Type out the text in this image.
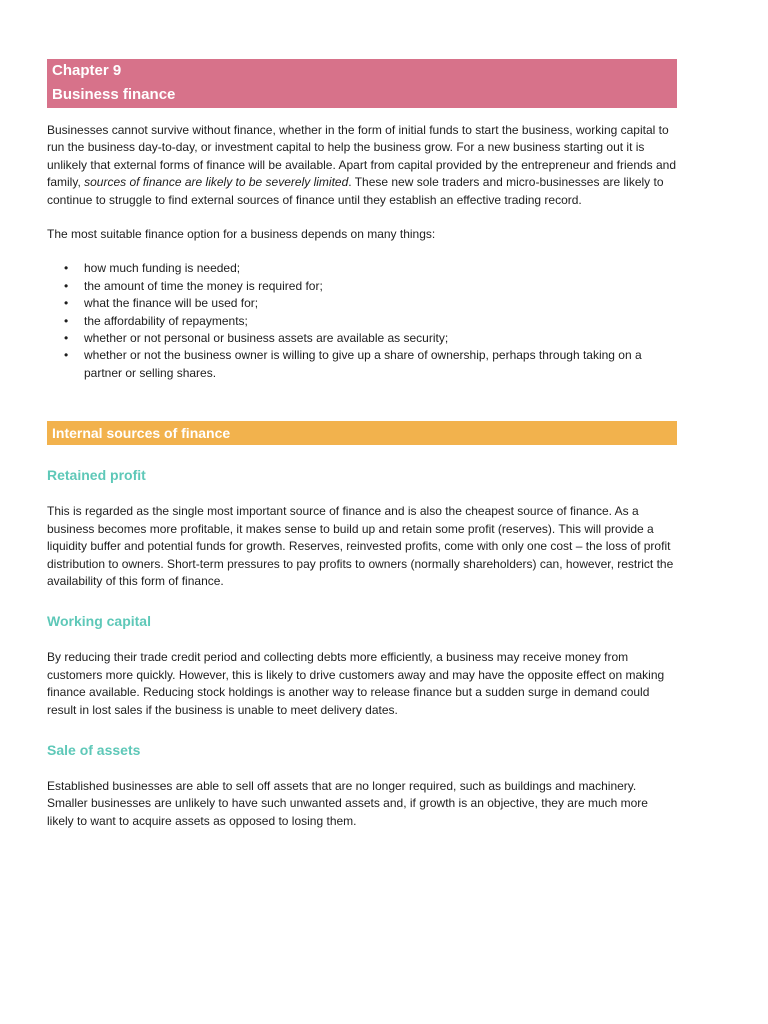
Chapter 9
Business finance

Businesses cannot survive without finance, whether in the form of initial funds to start the business, working capital to run the business day-to-day, or investment capital to help the business grow. For a new business starting out it is unlikely that external forms of finance will be available. Apart from capital provided by the entrepreneur and friends and family, sources of finance are likely to be severely limited. These new sole traders and micro-businesses are likely to continue to struggle to find external sources of finance until they establish an effective trading record.

The most suitable finance option for a business depends on many things:

• how much funding is needed;
• the amount of time the money is required for;
• what the finance will be used for;
• the affordability of repayments;
• whether or not personal or business assets are available as security;
• whether or not the business owner is willing to give up a share of ownership, perhaps through taking on a partner or selling shares.
Internal sources of finance
Retained profit

This is regarded as the single most important source of finance and is also the cheapest source of finance. As a business becomes more profitable, it makes sense to build up and retain some profit (reserves). This will provide a liquidity buffer and potential funds for growth. Reserves, reinvested profits, come with only one cost – the loss of profit distribution to owners. Short-term pressures to pay profits to owners (normally shareholders) can, however, restrict the availability of this form of finance.

Working capital

By reducing their trade credit period and collecting debts more efficiently, a business may receive money from customers more quickly. However, this is likely to drive customers away and may have the opposite effect on making finance available. Reducing stock holdings is another way to release finance but a sudden surge in demand could result in lost sales if the business is unable to meet delivery dates.

Sale of assets

Established businesses are able to sell off assets that are no longer required, such as buildings and machinery. Smaller businesses are unlikely to have such unwanted assets and, if growth is an objective, they are much more likely to want to acquire assets as opposed to losing them.
